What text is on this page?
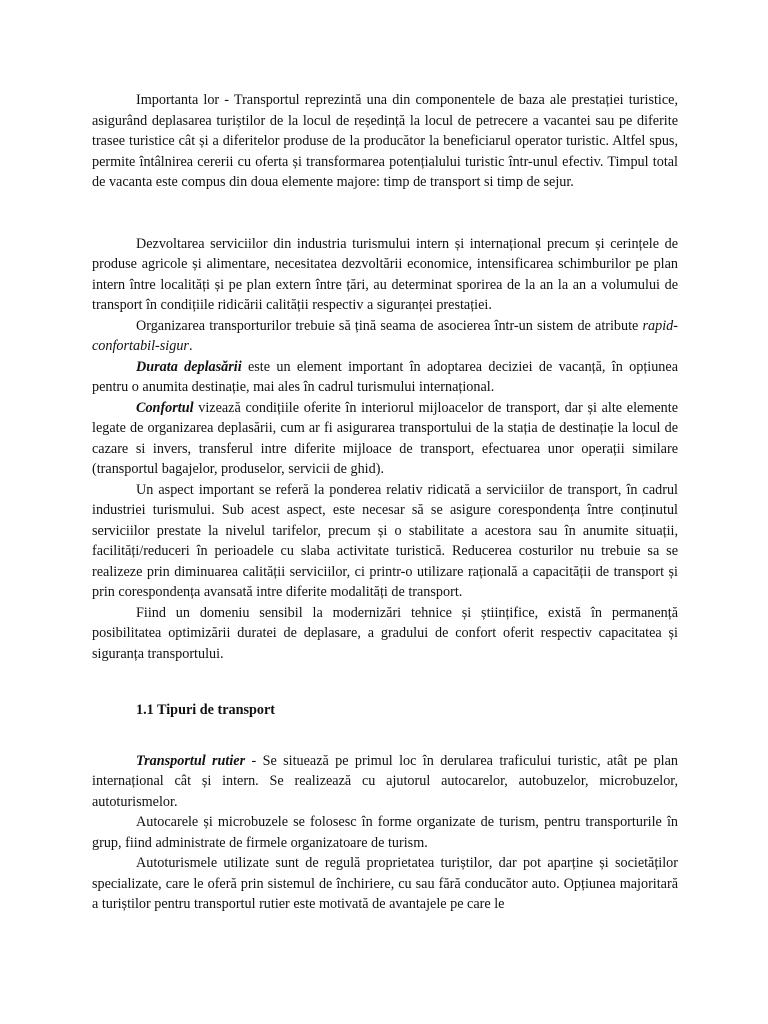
Importanta lor - Transportul reprezintă una din componentele de baza ale prestației turistice, asigurând deplasarea turiștilor de la locul de reședință la locul de petrecere a vacantei sau pe diferite trasee turistice cât și a diferitelor produse de la producător la beneficiarul operator turistic. Altfel spus, permite întâlnirea cererii cu oferta și transformarea potențialului turistic într-unul efectiv. Timpul total de vacanta este compus din doua elemente majore: timp de transport si timp de sejur.

Dezvoltarea serviciilor din industria turismului intern și internațional precum și cerințele de produse agricole și alimentare, necesitatea dezvoltării economice, intensificarea schimburilor pe plan intern între localități și pe plan extern între țări, au determinat sporirea de la an la an a volumului de transport în condițiile ridicării calității respectiv a siguranței prestației.

Organizarea transporturilor trebuie să țină seama de asocierea într-un sistem de atribute rapid-confortabil-sigur.

Durata deplasării este un element important în adoptarea deciziei de vacanță, în opțiunea pentru o anumita destinație, mai ales în cadrul turismului internațional.

Confortul vizează condițiile oferite în interiorul mijloacelor de transport, dar și alte elemente legate de organizarea deplasării, cum ar fi asigurarea transportului de la stația de destinație la locul de cazare si invers, transferul intre diferite mijloace de transport, efectuarea unor operații similare (transportul bagajelor, produselor, servicii de ghid).

Un aspect important se referă la ponderea relativ ridicată a serviciilor de transport, în cadrul industriei turismului. Sub acest aspect, este necesar să se asigure corespondența între conținutul serviciilor prestate la nivelul tarifelor, precum și o stabilitate a acestora sau în anumite situații, facilități/reduceri în perioadele cu slaba activitate turistică. Reducerea costurilor nu trebuie sa se realizeze prin diminuarea calității serviciilor, ci printr-o utilizare rațională a capacității de transport și prin corespondența avansată intre diferite modalități de transport.

Fiind un domeniu sensibil la modernizări tehnice și științifice, există în permanență posibilitatea optimizării duratei de deplasare, a gradului de confort oferit respectiv capacitatea și siguranța transportului.

1.1 Tipuri de transport

Transportul rutier - Se situează pe primul loc în derularea traficului turistic, atât pe plan internațional cât și intern. Se realizează cu ajutorul autocarelor, autobuzelor, microbuzelor, autoturismelor.

Autocarele și microbuzele se folosesc în forme organizate de turism, pentru transporturile în grup, fiind administrate de firmele organizatoare de turism.

Autoturismele utilizate sunt de regulă proprietatea turiștilor, dar pot aparține și societăților specializate, care le oferă prin sistemul de închiriere, cu sau fără conducător auto. Opțiunea majoritară a turiștilor pentru transportul rutier este motivată de avantajele pe care le
